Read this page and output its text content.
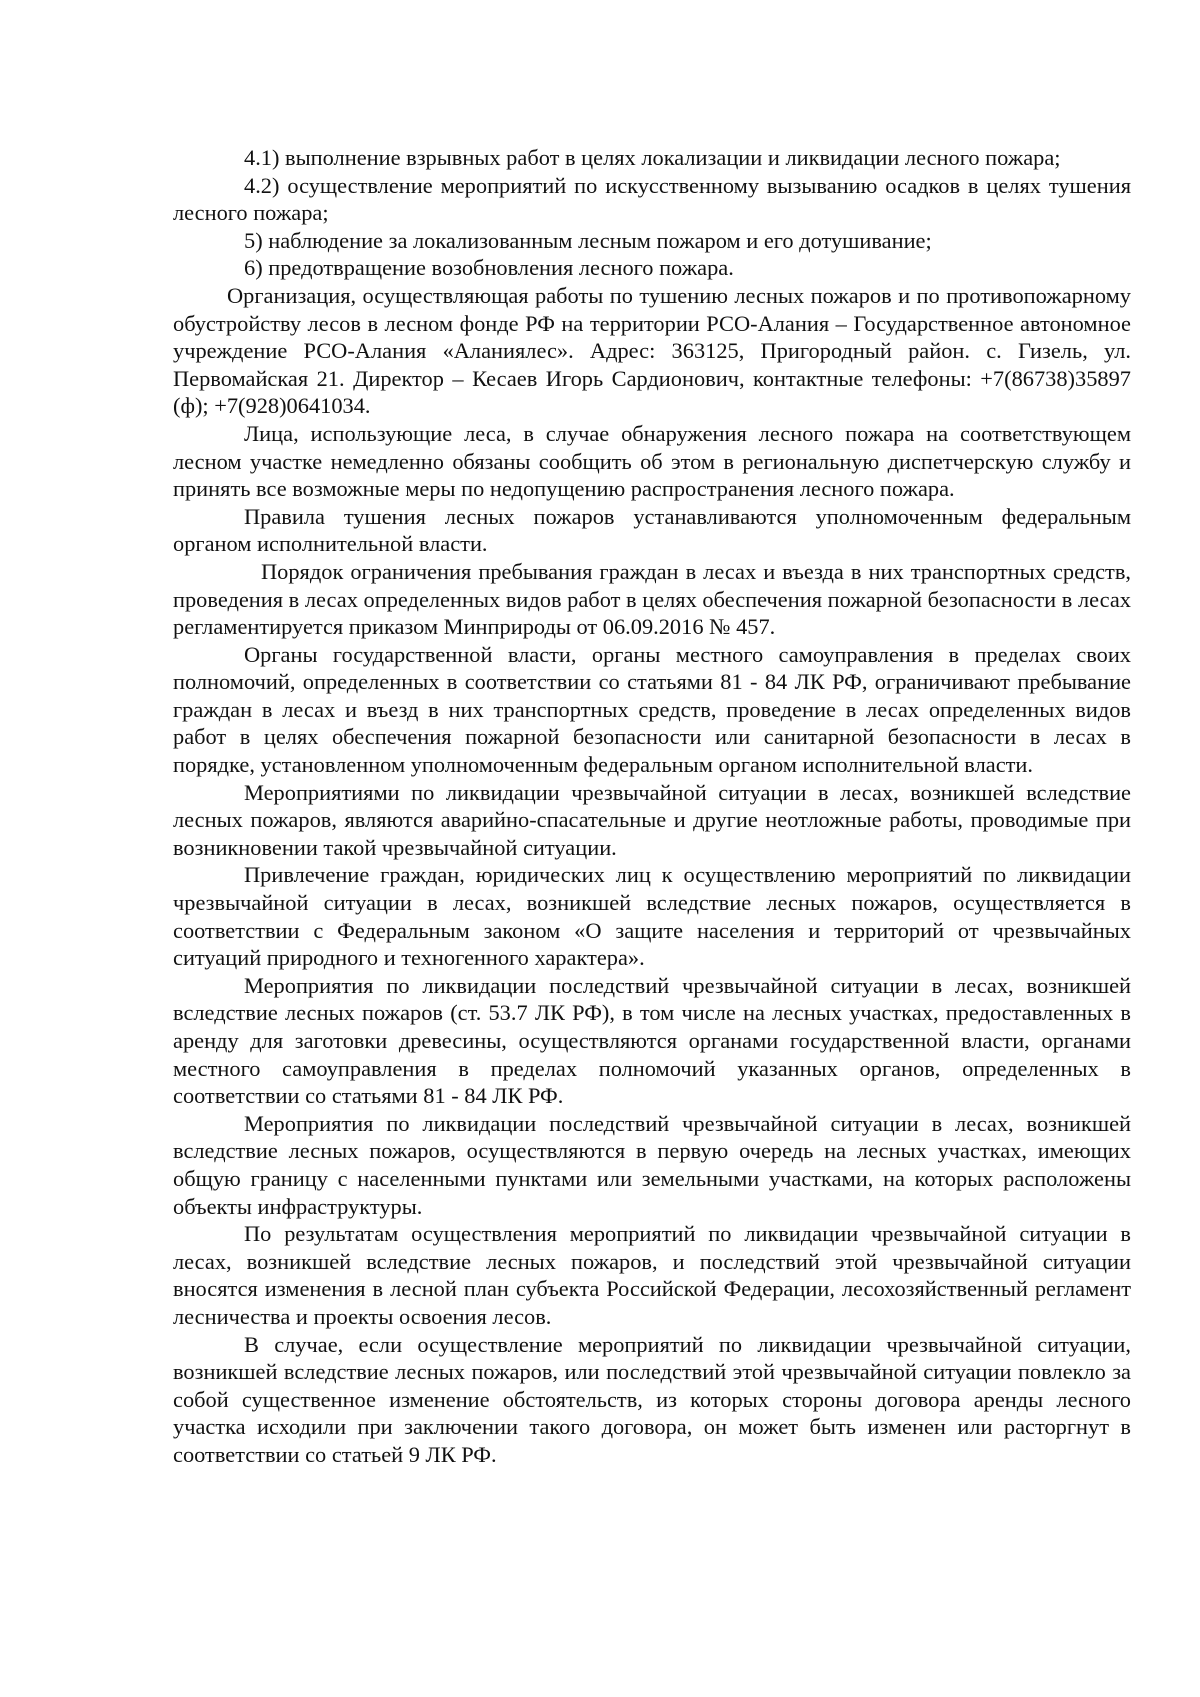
4.1) выполнение взрывных работ в целях локализации и ликвидации лесного пожара;

4.2) осуществление мероприятий по искусственному вызыванию осадков в целях тушения лесного пожара;

5) наблюдение за локализованным лесным пожаром и его дотушивание;

6) предотвращение возобновления лесного пожара.

Организация, осуществляющая работы по тушению лесных пожаров и по противопожарному обустройству лесов в лесном фонде РФ на территории РСО-Алания – Государственное автономное учреждение РСО-Алания «Аланиялес». Адрес: 363125, Пригородный район. с. Гизель, ул. Первомайская 21. Директор – Кесаев Игорь Сардионович, контактные телефоны: +7(86738)35897 (ф); +7(928)0641034.

Лица, использующие леса, в случае обнаружения лесного пожара на соответствующем лесном участке немедленно обязаны сообщить об этом в региональную диспетчерскую службу и принять все возможные меры по недопущению распространения лесного пожара.

Правила тушения лесных пожаров устанавливаются уполномоченным федеральным органом исполнительной власти.

Порядок ограничения пребывания граждан в лесах и въезда в них транспортных средств, проведения в лесах определенных видов работ в целях обеспечения пожарной безопасности в лесах регламентируется приказом Минприроды от 06.09.2016 № 457.

Органы государственной власти, органы местного самоуправления в пределах своих полномочий, определенных в соответствии со статьями 81 - 84 ЛК РФ, ограничивают пребывание граждан в лесах и въезд в них транспортных средств, проведение в лесах определенных видов работ в целях обеспечения пожарной безопасности или санитарной безопасности в лесах в порядке, установленном уполномоченным федеральным органом исполнительной власти.

Мероприятиями по ликвидации чрезвычайной ситуации в лесах, возникшей вследствие лесных пожаров, являются аварийно-спасательные и другие неотложные работы, проводимые при возникновении такой чрезвычайной ситуации.

Привлечение граждан, юридических лиц к осуществлению мероприятий по ликвидации чрезвычайной ситуации в лесах, возникшей вследствие лесных пожаров, осуществляется в соответствии с Федеральным законом «О защите населения и территорий от чрезвычайных ситуаций природного и техногенного характера».

Мероприятия по ликвидации последствий чрезвычайной ситуации в лесах, возникшей вследствие лесных пожаров (ст. 53.7 ЛК РФ), в том числе на лесных участках, предоставленных в аренду для заготовки древесины, осуществляются органами государственной власти, органами местного самоуправления в пределах полномочий указанных органов, определенных в соответствии со статьями 81 - 84 ЛК РФ.

Мероприятия по ликвидации последствий чрезвычайной ситуации в лесах, возникшей вследствие лесных пожаров, осуществляются в первую очередь на лесных участках, имеющих общую границу с населенными пунктами или земельными участками, на которых расположены объекты инфраструктуры.

По результатам осуществления мероприятий по ликвидации чрезвычайной ситуации в лесах, возникшей вследствие лесных пожаров, и последствий этой чрезвычайной ситуации вносятся изменения в лесной план субъекта Российской Федерации, лесохозяйственный регламент лесничества и проекты освоения лесов.

В случае, если осуществление мероприятий по ликвидации чрезвычайной ситуации, возникшей вследствие лесных пожаров, или последствий этой чрезвычайной ситуации повлекло за собой существенное изменение обстоятельств, из которых стороны договора аренды лесного участка исходили при заключении такого договора, он может быть изменен или расторгнут в соответствии со статьей 9 ЛК РФ.
